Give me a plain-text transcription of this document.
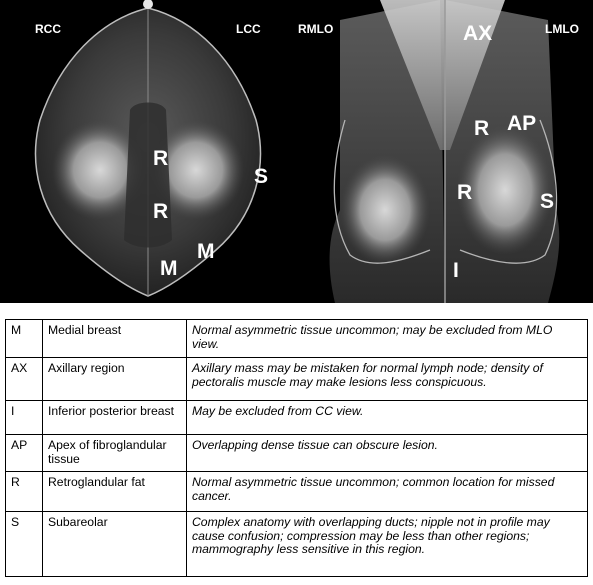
RCC	LCC	RMLO	LMLO
AX
R
R
S
M
M
R AP
R	S
I
M	Medial breast	Normal asymmetric tissue uncommon; may be excluded from MLO view.
AX	Axillary region	Axillary mass may be mistaken for normal lymph node; density of pectoralis muscle may make lesions less conspicuous.
I	Inferior posterior breast	May be excluded from CC view.
AP	Apex of fibroglandular tissue	Overlapping dense tissue can obscure lesion.
R	Retroglandular fat	Normal asymmetric tissue uncommon; common location for missed cancer.
S	Subareolar	Complex anatomy with overlapping ducts; nipple not in profile may cause confusion; compression may be less than other regions; mammography less sensitive in this region.
